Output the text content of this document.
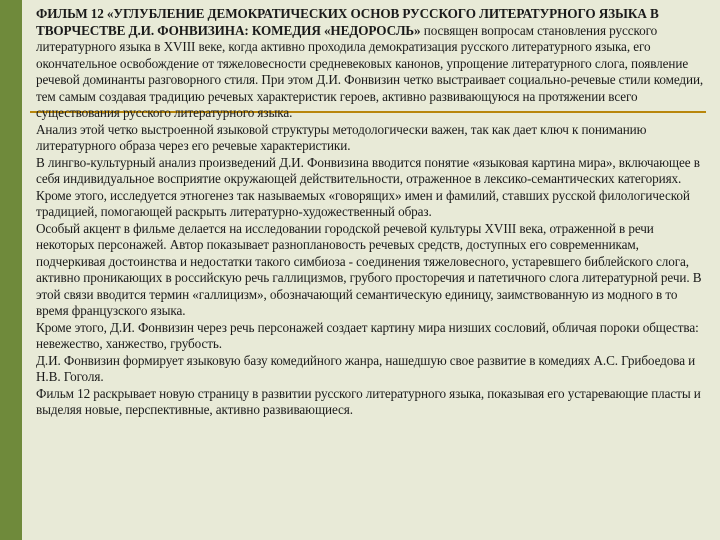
ФИЛЬМ 12 «УГЛУБЛЕНИЕ ДЕМОКРАТИЧЕСКИХ ОСНОВ РУССКОГО ЛИТЕРАТУРНОГО ЯЗЫКА В ТВОРЧЕСТВЕ Д.И. ФОНВИЗИНА: КОМЕДИЯ «НЕДОРОСЛЬ» посвящен вопросам становления русского литературного языка в XVIII веке, когда активно проходила демократизация русского литературного языка, его окончательное освобождение от тяжеловесности средневековых канонов, упрощение литературного слога, появление речевой доминанты разговорного стиля. При этом Д.И. Фонвизин четко выстраивает социально-речевые стили комедии, тем самым создавая традицию речевых характеристик героев, активно развивающуюся на протяжении всего существования русского литературного языка.

Анализ этой четко выстроенной языковой структуры методологически важен, так как дает ключ к пониманию литературного образа через его речевые характеристики.

В лингво-культурный анализ произведений Д.И. Фонвизина вводится понятие «языковая картина мира», включающее в себя индивидуальное восприятие окружающей действительности, отраженное в лексико-семантических категориях. Кроме этого, исследуется этногенез так называемых «говорящих» имен и фамилий, ставших русской филологической традицией, помогающей раскрыть литературно-художественный образ.

Особый акцент в фильме делается на исследовании городской речевой культуры XVIII века, отраженной в речи некоторых персонажей. Автор показывает разноплановость речевых средств, доступных его современникам, подчеркивая достоинства и недостатки такого симбиоза - соединения тяжеловесного, устаревшего библейского слога, активно проникающих в российскую речь галлицизмов, грубого просторечия и патетичного слога литературной речи. В этой связи вводится термин «галлицизм», обозначающий семантическую единицу, заимствованную из модного в то время французского языка.

Кроме этого, Д.И. Фонвизин через речь персонажей создает картину мира низших сословий, обличая пороки общества: невежество, ханжество, грубость.

Д.И. Фонвизин формирует языковую базу комедийного жанра, нашедшую свое развитие в комедиях А.С. Грибоедова и Н.В. Гоголя.

Фильм 12 раскрывает новую страницу в развитии русского литературного языка, показывая его устаревающие пласты и выделяя новые, перспективные, активно развивающиеся.
